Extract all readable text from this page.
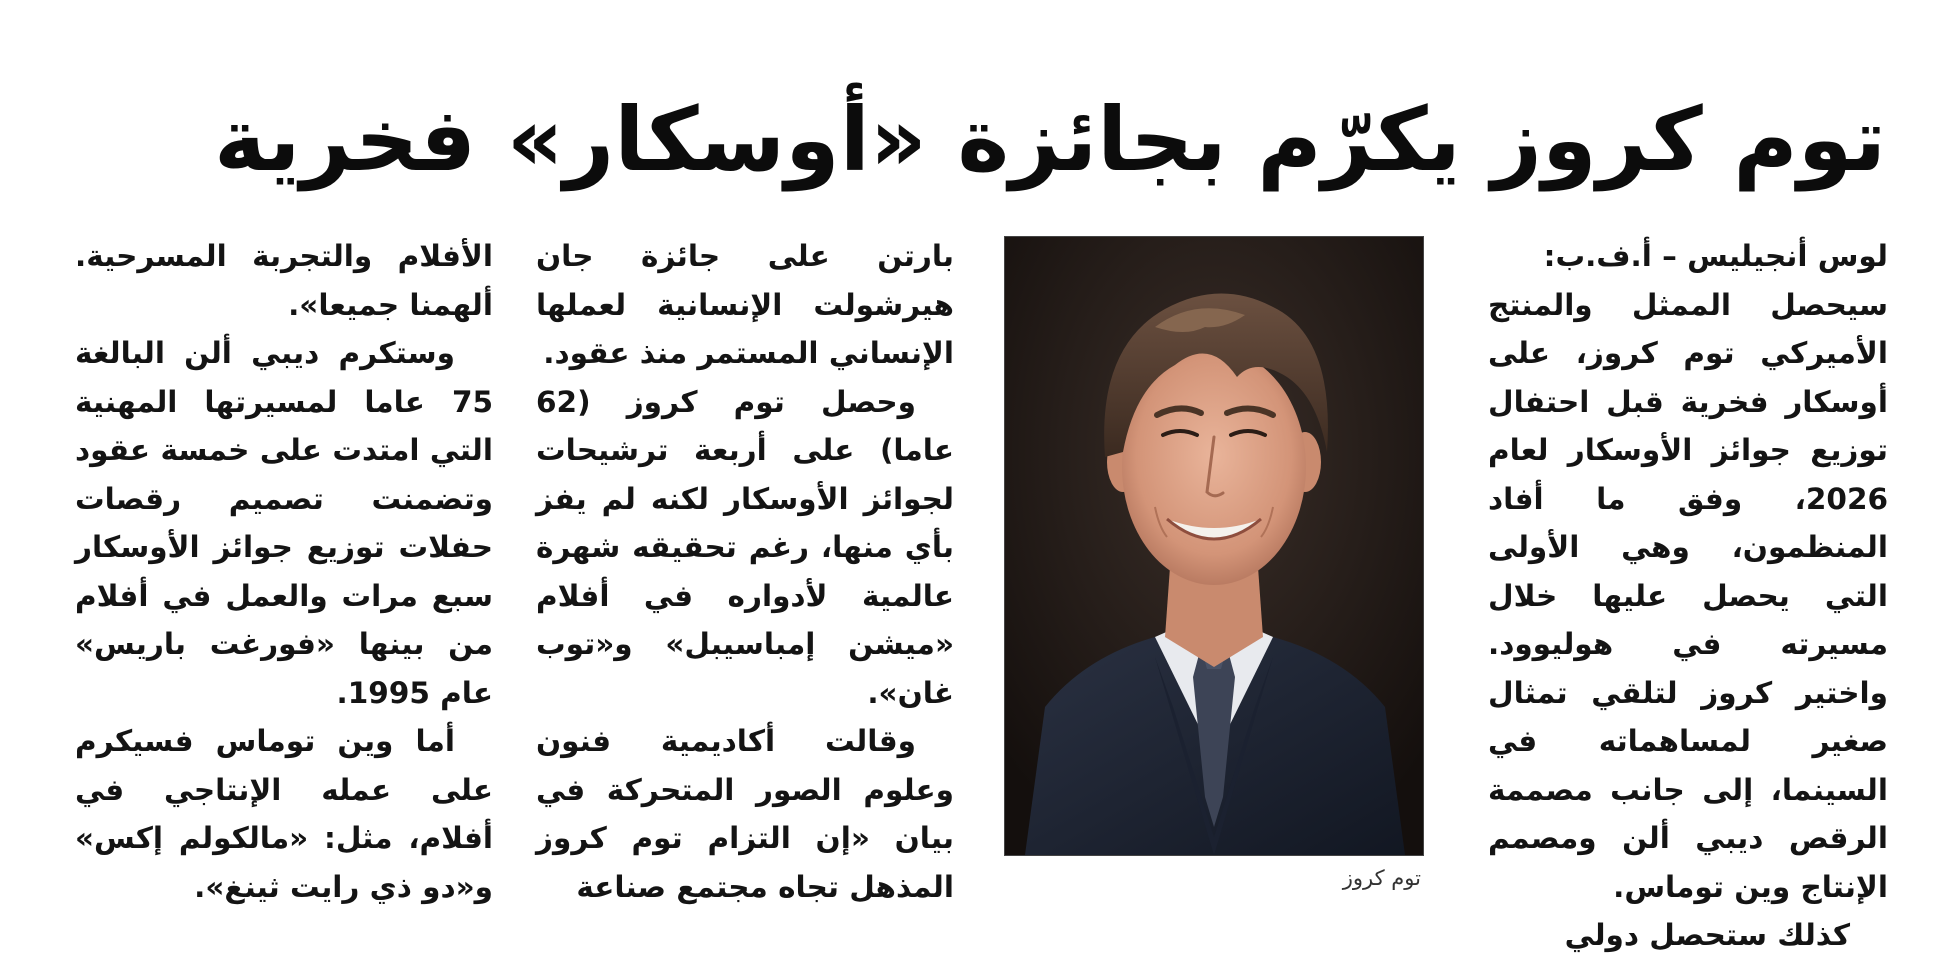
توم كروز يكرّم بجائزة «أوسكار» فخرية

لوس أنجيليس – أ.ف.ب:

سيحصل الممثل والمنتج الأميركي توم كروز، على أوسكار فخرية قبل احتفال توزيع جوائز الأوسكار لعام 2026، وفق ما أفاد المنظمون، وهي الأولى التي يحصل عليها خلال مسيرته في هوليوود. واختير كروز لتلقي تمثال صغير لمساهماته في السينما، إلى جانب مصممة الرقص ديبي ألن ومصمم الإنتاج وين توماس.

كذلك ستحصل دولي

توم كروز

بارتن على جائزة جان هيرشولت الإنسانية لعملها الإنساني المستمر منذ عقود.

وحصل توم كروز (62 عاما) على أربعة ترشيحات لجوائز الأوسكار لكنه لم يفز بأي منها، رغم تحقيقه شهرة عالمية لأدواره في أفلام «ميشن إمباسيبل» و«توب غان».

وقالت أكاديمية فنون وعلوم الصور المتحركة في بيان «إن التزام توم كروز المذهل تجاه مجتمع صناعة

الأفلام والتجربة المسرحية. ألهمنا جميعا».

وستكرم ديبي ألن البالغة 75 عاما لمسيرتها المهنية التي امتدت على خمسة عقود وتضمنت تصميم رقصات حفلات توزيع جوائز الأوسكار سبع مرات والعمل في أفلام من بينها «فورغت باريس» عام 1995.

أما وين توماس فسيكرم على عمله الإنتاجي في أفلام، مثل: «مالكولم إكس» و«دو ذي رايت ثينغ».
